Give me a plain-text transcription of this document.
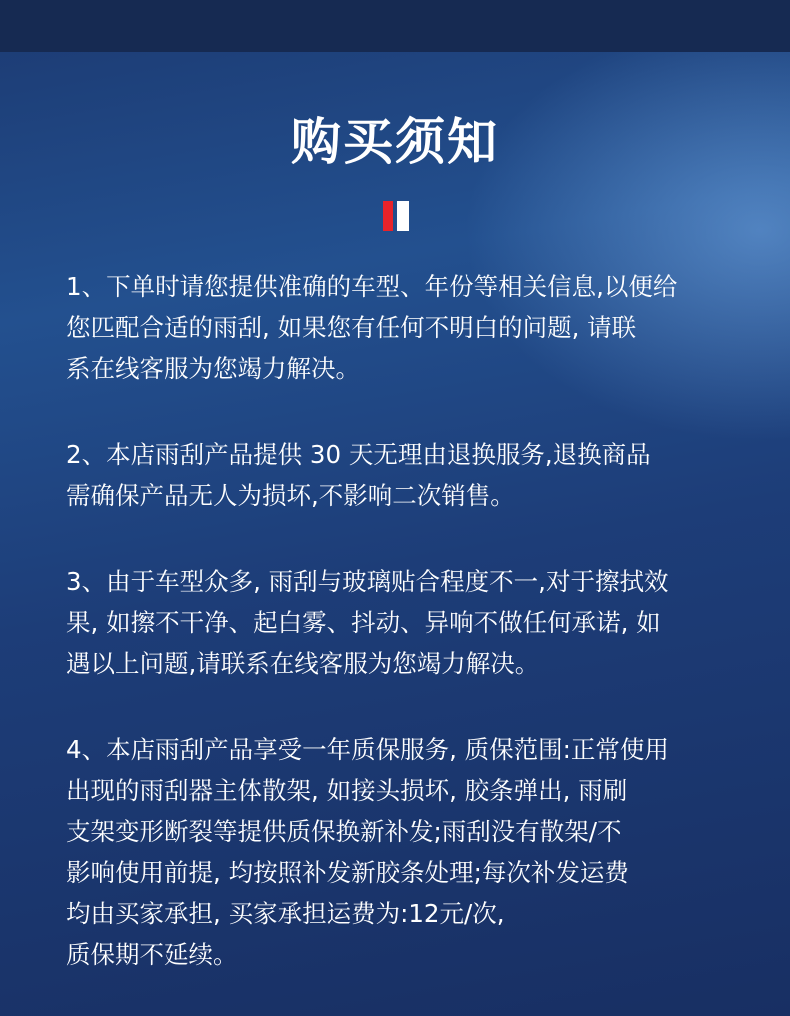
购买须知
1、下单时请您提供准确的车型、年份等相关信息,以便给
您匹配合适的雨刮, 如果您有任何不明白的问题, 请联
系在线客服为您竭力解决。
2、本店雨刮产品提供 30 天无理由退换服务,退换商品
需确保产品无人为损坏,不影响二次销售。
3、由于车型众多, 雨刮与玻璃贴合程度不一,对于擦拭效
果, 如擦不干净、起白雾、抖动、异响不做任何承诺, 如
遇以上问题,请联系在线客服为您竭力解决。
4、本店雨刮产品享受一年质保服务, 质保范围:正常使用
出现的雨刮器主体散架, 如接头损坏, 胶条弹出, 雨刷
支架变形断裂等提供质保换新补发;雨刮没有散架/不
影响使用前提, 均按照补发新胶条处理;每次补发运费
均由买家承担, 买家承担运费为:12元/次,
质保期不延续。
